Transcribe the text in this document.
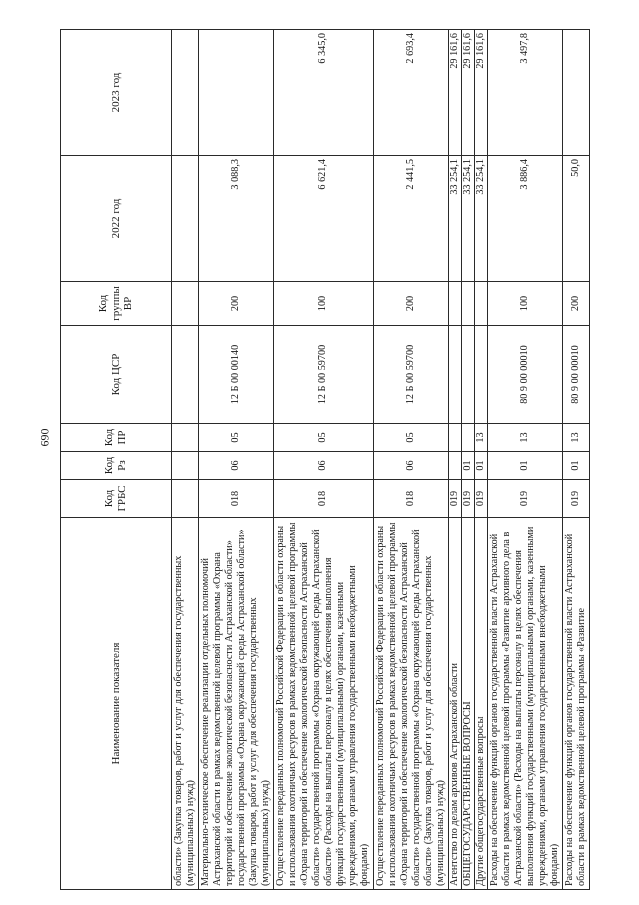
690
Наименование показателя	Код ГРБС	Код Рз	Код ПР	Код ЦСР	Код группы ВР	2022 год	2023 год
области» (Закупка товаров, работ и услуг для обеспечения государственных (муниципальных) нужд)							
Материально-техническое обеспечение реализации отдельных полномочий Астраханской области в рамках ведомственной целевой программы «Охрана территорий и обеспечение экологической безопасности Астраханской области» государственной программы «Охрана окружающей среды Астраханской области» (Закупка товаров, работ и услуг для обеспечения государственных (муниципальных) нужд)	018	06	05	12 Б 00 00140	200	3 088,3	
Осуществление переданных полномочий Российской Федерации в области охраны и использования охотничьих ресурсов в рамках ведомственной целевой программы «Охрана территорий и обеспечение экологической безопасности Астраханской области» государственной программы «Охрана окружающей среды Астраханской области» (Расходы на выплаты персоналу в целях обеспечения выполнения функций государственными (муниципальными) органами, казенными учреждениями, органами управления государственными внебюджетными фондами)	018	06	05	12 Б 00 59700	100	6 621,4	6 345,0
Осуществление переданных полномочий Российской Федерации в области охраны и использования охотничьих ресурсов в рамках ведомственной целевой программы «Охрана территорий и обеспечение экологической безопасности Астраханской области» государственной программы «Охрана окружающей среды Астраханской области» (Закупка товаров, работ и услуг для обеспечения государственных (муниципальных) нужд)	018	06	05	12 Б 00 59700	200	2 441,5	2 693,4
Агентство по делам архивов Астраханской области	019					33 254,1	29 161,6
ОБЩЕГОСУДАРСТВЕННЫЕ ВОПРОСЫ	019	01				33 254,1	29 161,6
Другие общегосударственные вопросы	019	01	13			33 254,1	29 161,6
Расходы на обеспечение функций органов государственной власти Астраханской области в рамках ведомственной целевой программы «Развитие архивного дела в Астраханской области» (Расходы на выплаты персоналу в целях обеспечения выполнения функций государственными (муниципальными) органами, казенными учреждениями, органами управления государственными внебюджетными фондами)	019	01	13	80 9 00 00010	100	3 886,4	3 497,8
Расходы на обеспечение функций органов государственной власти Астраханской области в рамках ведомственной целевой программы «Развитие	019	01	13	80 9 00 00010	200	50,0	
